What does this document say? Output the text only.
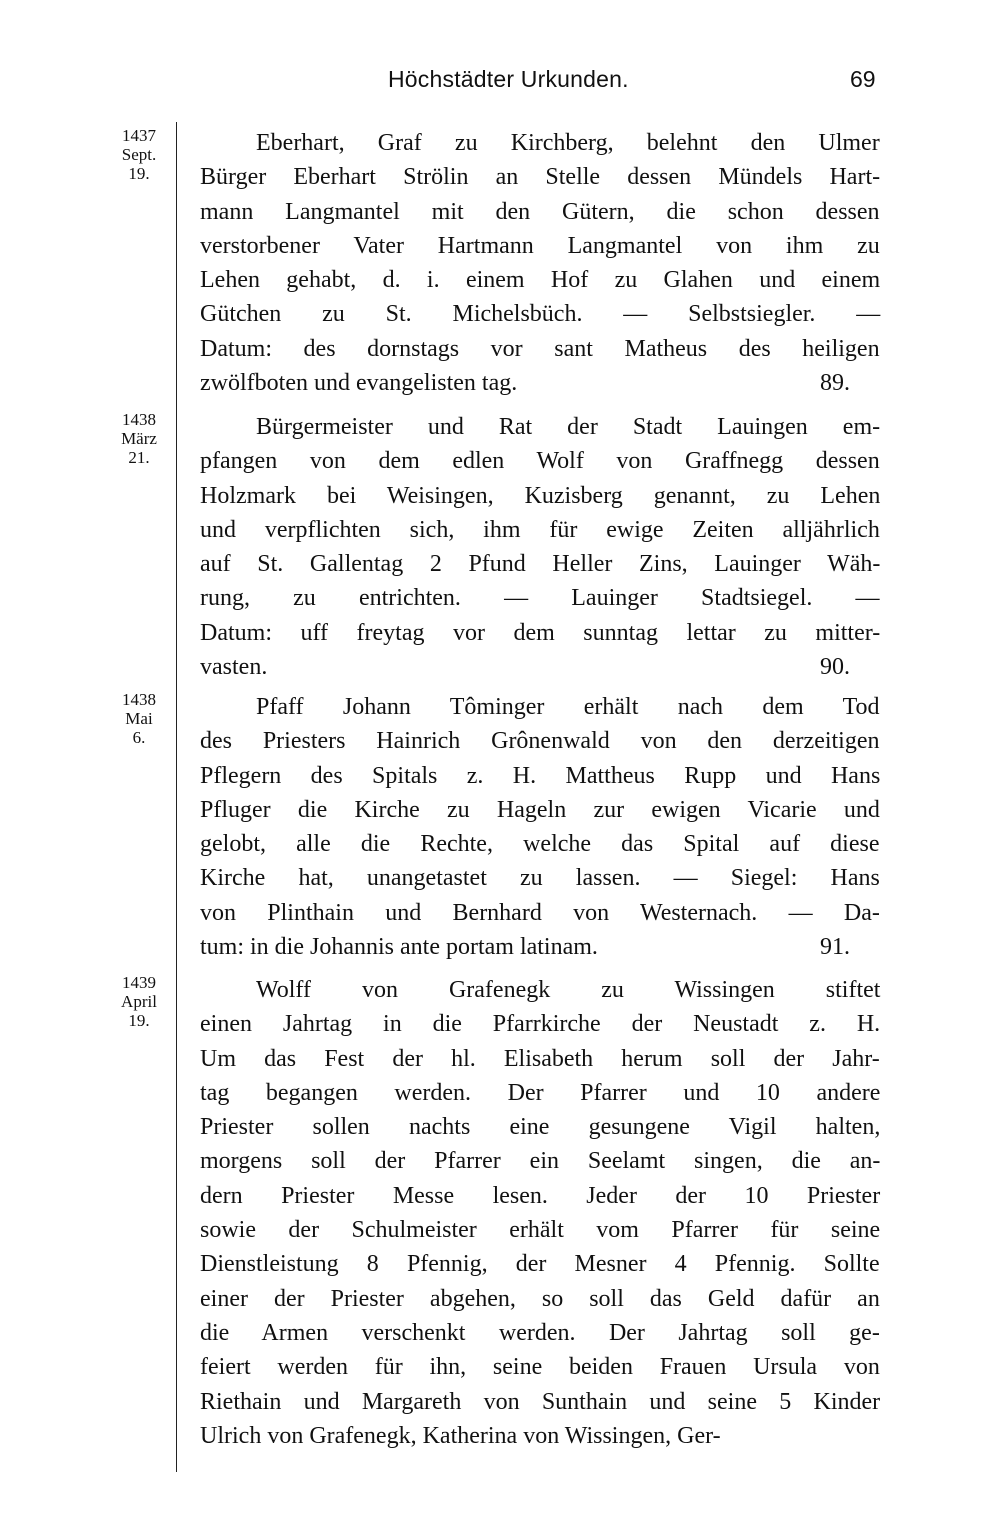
Höchstädter Urkunden.	69
1437
Sept.
19.
Eberhart, Graf zu Kirchberg, belehnt den Ulmer
Bürger Eberhart Strölin an Stelle dessen Mündels Hart-
mann Langmantel mit den Gütern, die schon dessen
verstorbener Vater Hartmann Langmantel von ihm zu
Lehen gehabt, d. i. einem Hof zu Glahen und einem
Gütchen zu St. Michelsbüch. — Selbstsiegler. —
Datum: des dornstags vor sant Matheus des heiligen
zwölfboten und evangelisten tag.	89.
1438
März
21.
Bürgermeister und Rat der Stadt Lauingen em-
pfangen von dem edlen Wolf von Graffnegg dessen
Holzmark bei Weisingen, Kuzisberg genannt, zu Lehen
und verpflichten sich, ihm für ewige Zeiten alljährlich
auf St. Gallentag 2 Pfund Heller Zins, Lauinger Wäh-
rung, zu entrichten. — Lauinger Stadtsiegel. —
Datum: uff freytag vor dem sunntag lettar zu mitter-
vasten.	90.
1438
Mai
6.
Pfaff Johann Tôminger erhält nach dem Tod
des Priesters Hainrich Grônenwald von den derzeitigen
Pflegern des Spitals z. H. Mattheus Rupp und Hans
Pfluger die Kirche zu Hageln zur ewigen Vicarie und
gelobt, alle die Rechte, welche das Spital auf diese
Kirche hat, unangetastet zu lassen. — Siegel: Hans
von Plinthain und Bernhard von Westernach. — Da-
tum: in die Johannis ante portam latinam.	91.
1439
April
19.
Wolff von Grafenegk zu Wissingen stiftet
einen Jahrtag in die Pfarrkirche der Neustadt z. H.
Um das Fest der hl. Elisabeth herum soll der Jahr-
tag begangen werden. Der Pfarrer und 10 andere
Priester sollen nachts eine gesungene Vigil halten,
morgens soll der Pfarrer ein Seelamt singen, die an-
dern Priester Messe lesen. Jeder der 10 Priester
sowie der Schulmeister erhält vom Pfarrer für seine
Dienstleistung 8 Pfennig, der Mesner 4 Pfennig. Sollte
einer der Priester abgehen, so soll das Geld dafür an
die Armen verschenkt werden. Der Jahrtag soll ge-
feiert werden für ihn, seine beiden Frauen Ursula von
Riethain und Margareth von Sunthain und seine 5 Kinder
Ulrich von Grafenegk, Katherina von Wissingen, Ger-
